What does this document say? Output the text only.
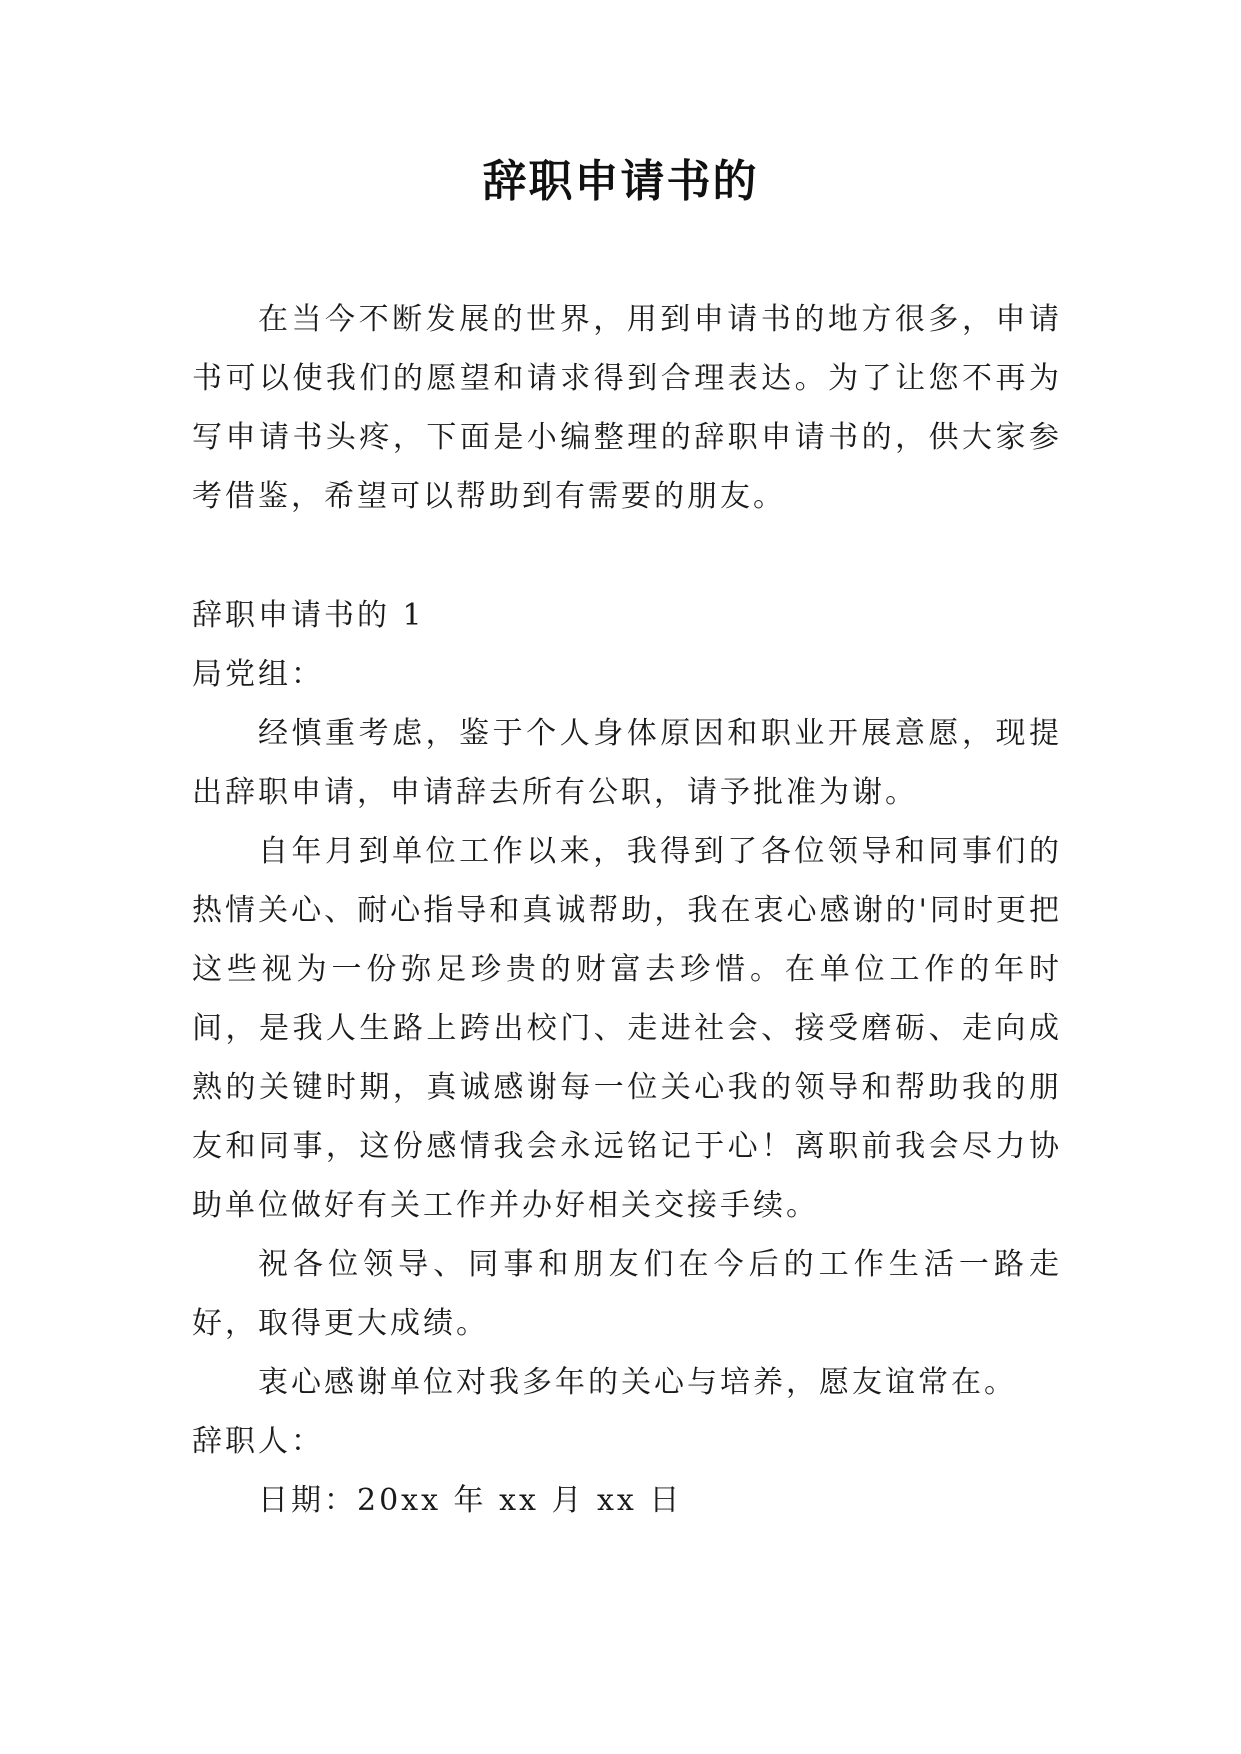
辞职申请书的

在当今不断发展的世界，用到申请书的地方很多，申请书可以使我们的愿望和请求得到合理表达。为了让您不再为写申请书头疼，下面是小编整理的辞职申请书的，供大家参考借鉴，希望可以帮助到有需要的朋友。

辞职申请书的 1

局党组：

经慎重考虑，鉴于个人身体原因和职业开展意愿，现提出辞职申请，申请辞去所有公职，请予批准为谢。

自年月到单位工作以来，我得到了各位领导和同事们的热情关心、耐心指导和真诚帮助，我在衷心感谢的'同时更把这些视为一份弥足珍贵的财富去珍惜。在单位工作的年时间，是我人生路上跨出校门、走进社会、接受磨砺、走向成熟的关键时期，真诚感谢每一位关心我的领导和帮助我的朋友和同事，这份感情我会永远铭记于心！离职前我会尽力协助单位做好有关工作并办好相关交接手续。

祝各位领导、同事和朋友们在今后的工作生活一路走好，取得更大成绩。

衷心感谢单位对我多年的关心与培养，愿友谊常在。

辞职人：

日期：20xx 年 xx 月 xx 日
